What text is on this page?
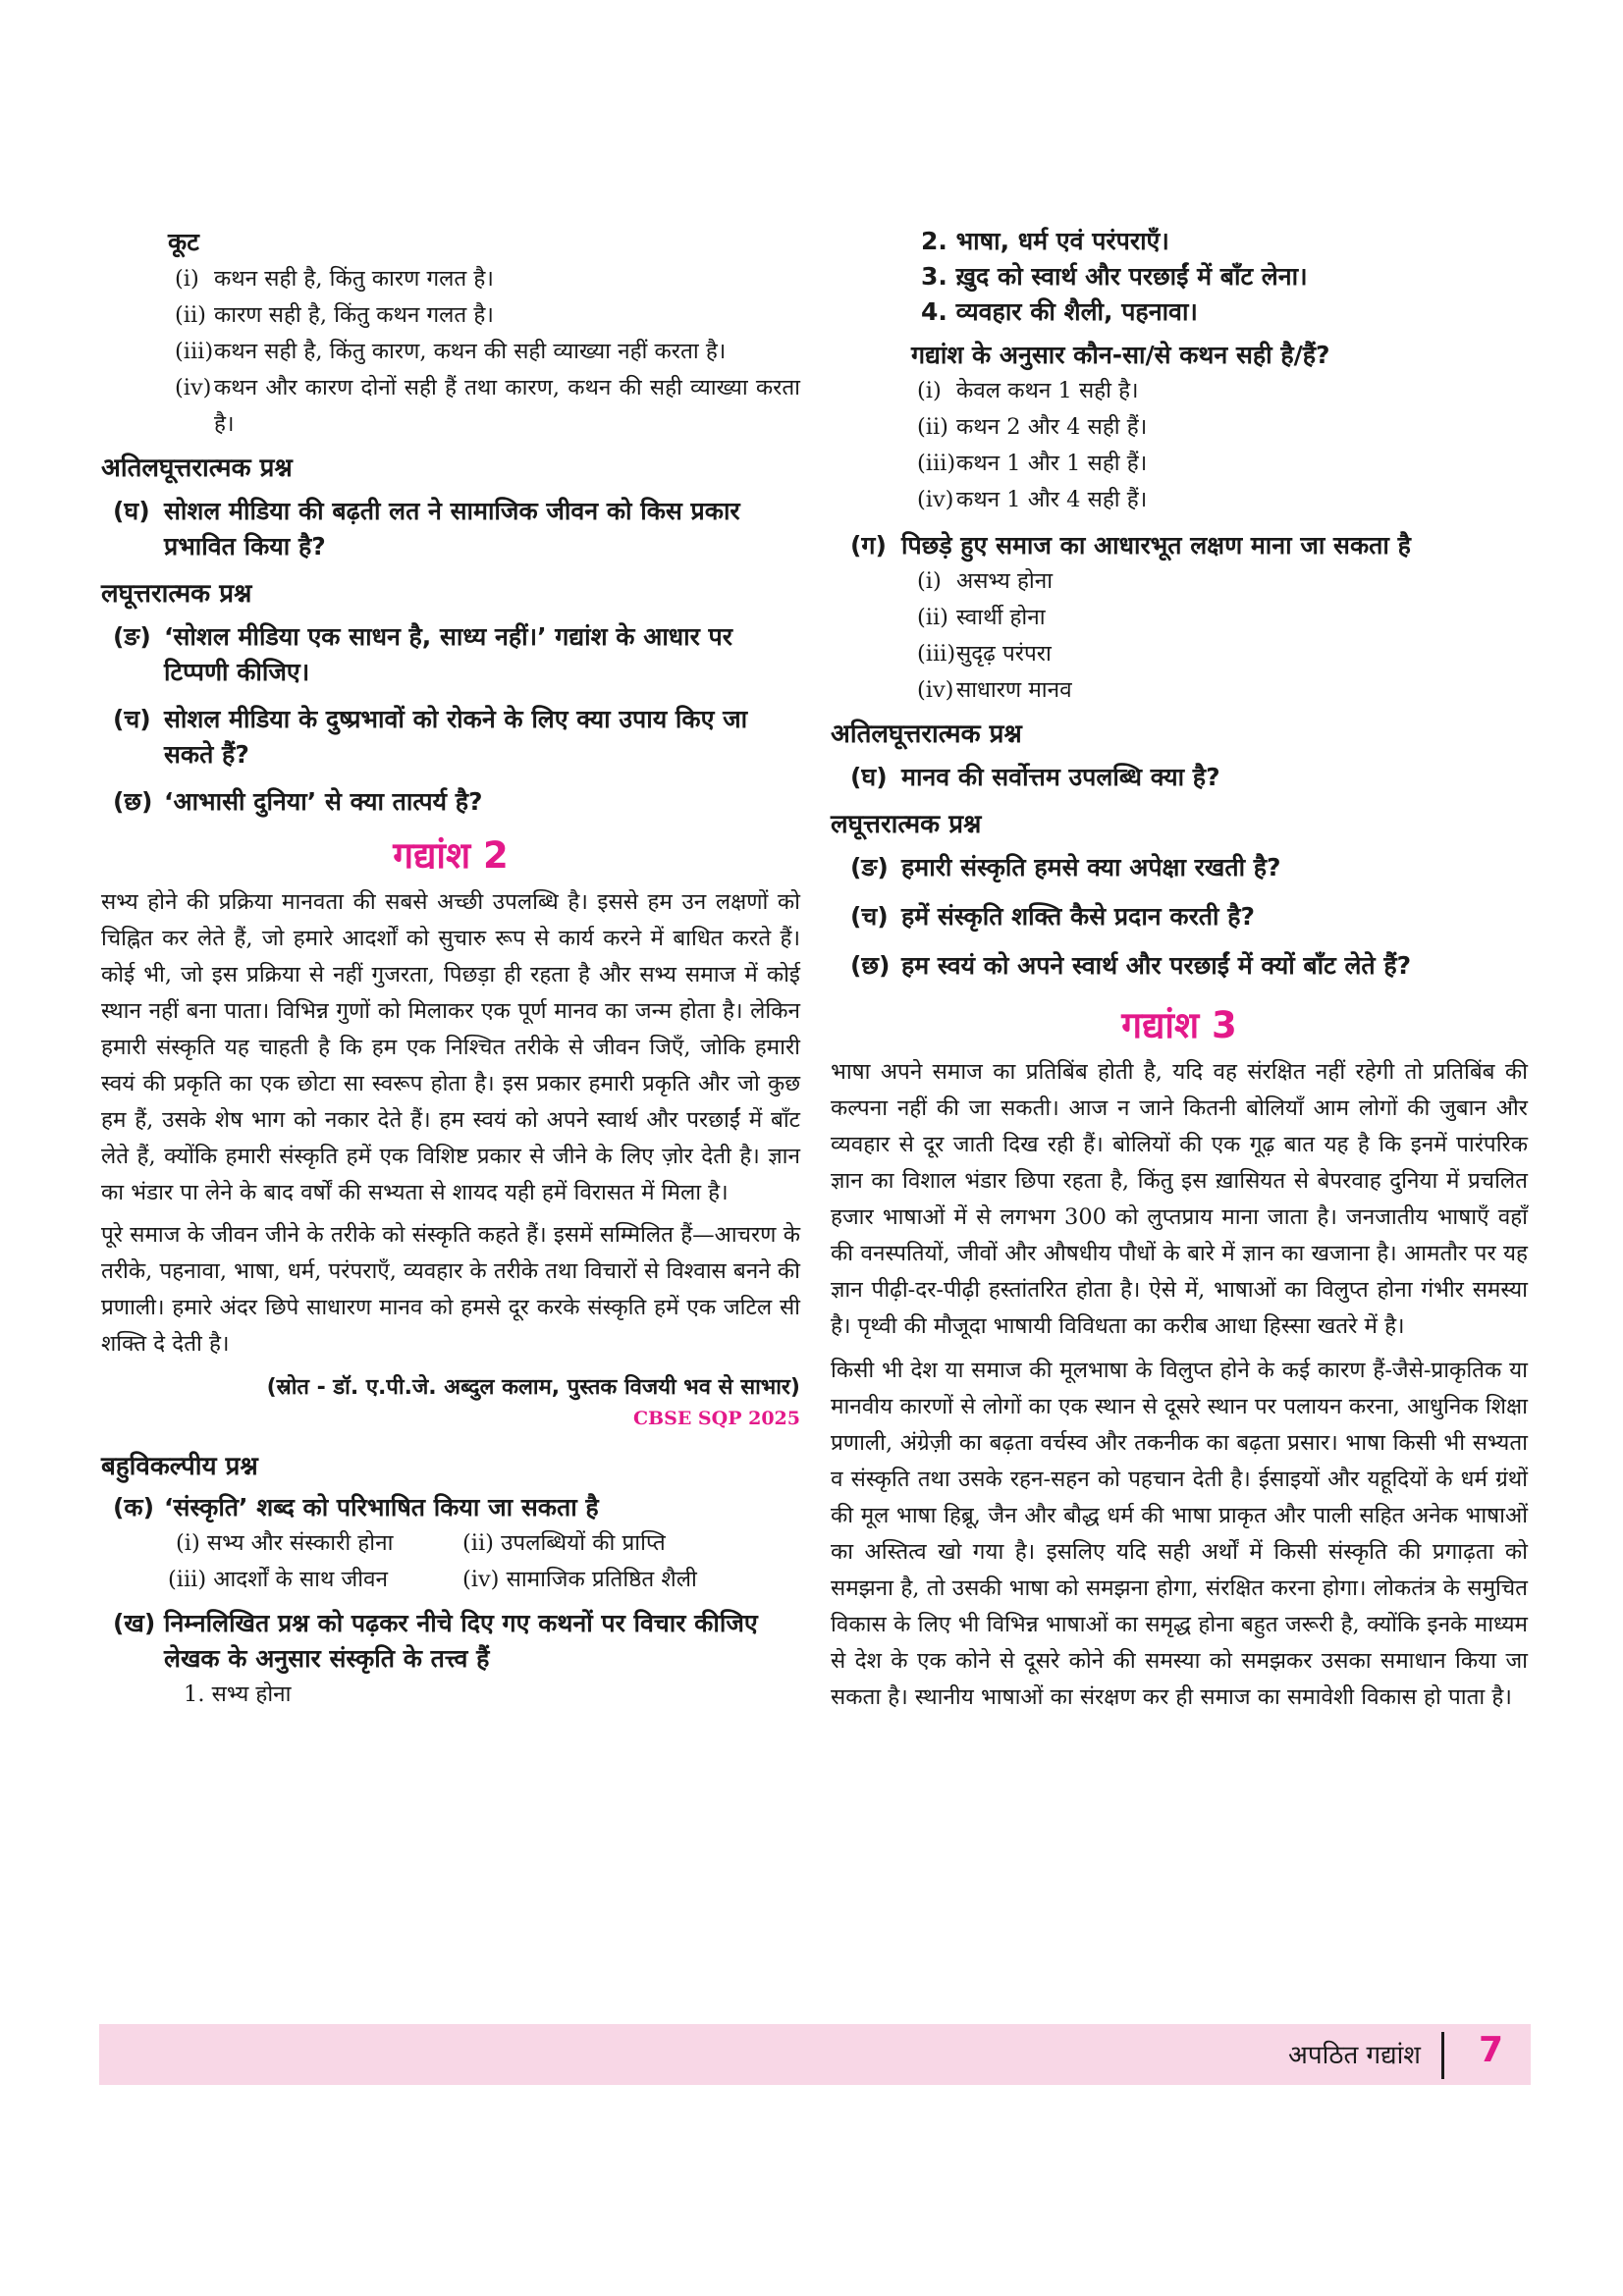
कूट
(i) कथन सही है, किंतु कारण गलत है।
(ii) कारण सही है, किंतु कथन गलत है।
(iii) कथन सही है, किंतु कारण, कथन की सही व्याख्या नहीं करता है।
(iv) कथन और कारण दोनों सही हैं तथा कारण, कथन की सही व्याख्या करता है।
अतिलघूत्तरात्मक प्रश्न
(घ) सोशल मीडिया की बढ़ती लत ने सामाजिक जीवन को किस प्रकार प्रभावित किया है?
लघूत्तरात्मक प्रश्न
(ङ) ‘सोशल मीडिया एक साधन है, साध्य नहीं।’ गद्यांश के आधार पर टिप्पणी कीजिए।
(च) सोशल मीडिया के दुष्प्रभावों को रोकने के लिए क्या उपाय किए जा सकते हैं?
(छ) ‘आभासी दुनिया’ से क्या तात्पर्य है?
गद्यांश 2

सभ्य होने की प्रक्रिया मानवता की सबसे अच्छी उपलब्धि है। इससे हम उन लक्षणों को चिह्नित कर लेते हैं, जो हमारे आदर्शों को सुचारु रूप से कार्य करने में बाधित करते हैं। कोई भी, जो इस प्रक्रिया से नहीं गुजरता, पिछड़ा ही रहता है और सभ्य समाज में कोई स्थान नहीं बना पाता। विभिन्न गुणों को मिलाकर एक पूर्ण मानव का जन्म होता है। लेकिन हमारी संस्कृति यह चाहती है कि हम एक निश्चित तरीके से जीवन जिएँ, जोकि हमारी स्वयं की प्रकृति का एक छोटा सा स्वरूप होता है। इस प्रकार हमारी प्रकृति और जो कुछ हम हैं, उसके शेष भाग को नकार देते हैं। हम स्वयं को अपने स्वार्थ और परछाईं में बाँट लेते हैं, क्योंकि हमारी संस्कृति हमें एक विशिष्ट प्रकार से जीने के लिए ज़ोर देती है। ज्ञान का भंडार पा लेने के बाद वर्षों की सभ्यता से शायद यही हमें विरासत में मिला है।

पूरे समाज के जीवन जीने के तरीके को संस्कृति कहते हैं। इसमें सम्मिलित हैं—आचरण के तरीके, पहनावा, भाषा, धर्म, परंपराएँ, व्यवहार के तरीके तथा विचारों से विश्वास बनने की प्रणाली। हमारे अंदर छिपे साधारण मानव को हमसे दूर करके संस्कृति हमें एक जटिल सी शक्ति दे देती है।

(स्रोत - डॉ. ए.पी.जे. अब्दुल कलाम, पुस्तक विजयी भव से साभार)
CBSE SQP 2025
बहुविकल्पीय प्रश्न
(क) ‘संस्कृति’ शब्द को परिभाषित किया जा सकता है
(i) सभ्य और संस्कारी होना	(ii) उपलब्धियों की प्राप्ति
(iii) आदर्शों के साथ जीवन	(iv) सामाजिक प्रतिष्ठित शैली
(ख) निम्नलिखित प्रश्न को पढ़कर नीचे दिए गए कथनों पर विचार कीजिए
लेखक के अनुसार संस्कृति के तत्त्व हैं
1. सभ्य होना
2. भाषा, धर्म एवं परंपराएँ।
3. ख़ुद को स्वार्थ और परछाईं में बाँट लेना।
4. व्यवहार की शैली, पहनावा।
गद्यांश के अनुसार कौन-सा/से कथन सही है/हैं?
(i) केवल कथन 1 सही है।
(ii) कथन 2 और 4 सही हैं।
(iii) कथन 1 और 1 सही हैं।
(iv) कथन 1 और 4 सही हैं।
(ग) पिछड़े हुए समाज का आधारभूत लक्षण माना जा सकता है
(i) असभ्य होना
(ii) स्वार्थी होना
(iii) सुदृढ़ परंपरा
(iv) साधारण मानव
अतिलघूत्तरात्मक प्रश्न
(घ) मानव की सर्वोत्तम उपलब्धि क्या है?
लघूत्तरात्मक प्रश्न
(ङ) हमारी संस्कृति हमसे क्या अपेक्षा रखती है?
(च) हमें संस्कृति शक्ति कैसे प्रदान करती है?
(छ) हम स्वयं को अपने स्वार्थ और परछाईं में क्यों बाँट लेते हैं?
गद्यांश 3

भाषा अपने समाज का प्रतिबिंब होती है, यदि वह संरक्षित नहीं रहेगी तो प्रतिबिंब की कल्पना नहीं की जा सकती। आज न जाने कितनी बोलियाँ आम लोगों की जुबान और व्यवहार से दूर जाती दिख रही हैं। बोलियों की एक गूढ़ बात यह है कि इनमें पारंपरिक ज्ञान का विशाल भंडार छिपा रहता है, किंतु इस ख़ासियत से बेपरवाह दुनिया में प्रचलित हजार भाषाओं में से लगभग 300 को लुप्तप्राय माना जाता है। जनजातीय भाषाएँ वहाँ की वनस्पतियों, जीवों और औषधीय पौधों के बारे में ज्ञान का खजाना है। आमतौर पर यह ज्ञान पीढ़ी-दर-पीढ़ी हस्तांतरित होता है। ऐसे में, भाषाओं का विलुप्त होना गंभीर समस्या है। पृथ्वी की मौजूदा भाषायी विविधता का करीब आधा हिस्सा खतरे में है।

किसी भी देश या समाज की मूलभाषा के विलुप्त होने के कई कारण हैं-जैसे-प्राकृतिक या मानवीय कारणों से लोगों का एक स्थान से दूसरे स्थान पर पलायन करना, आधुनिक शिक्षा प्रणाली, अंग्रेज़ी का बढ़ता वर्चस्व और तकनीक का बढ़ता प्रसार। भाषा किसी भी सभ्यता व संस्कृति तथा उसके रहन-सहन को पहचान देती है। ईसाइयों और यहूदियों के धर्म ग्रंथों की मूल भाषा हिब्रू, जैन और बौद्ध धर्म की भाषा प्राकृत और पाली सहित अनेक भाषाओं का अस्तित्व खो गया है। इसलिए यदि सही अर्थों में किसी संस्कृति की प्रगाढ़ता को समझना है, तो उसकी भाषा को समझना होगा, संरक्षित करना होगा। लोकतंत्र के समुचित विकास के लिए भी विभिन्न भाषाओं का समृद्ध होना बहुत जरूरी है, क्योंकि इनके माध्यम से देश के एक कोने से दूसरे कोने की समस्या को समझकर उसका समाधान किया जा सकता है। स्थानीय भाषाओं का संरक्षण कर ही समाज का समावेशी विकास हो पाता है।

अपठित गद्यांश 7
